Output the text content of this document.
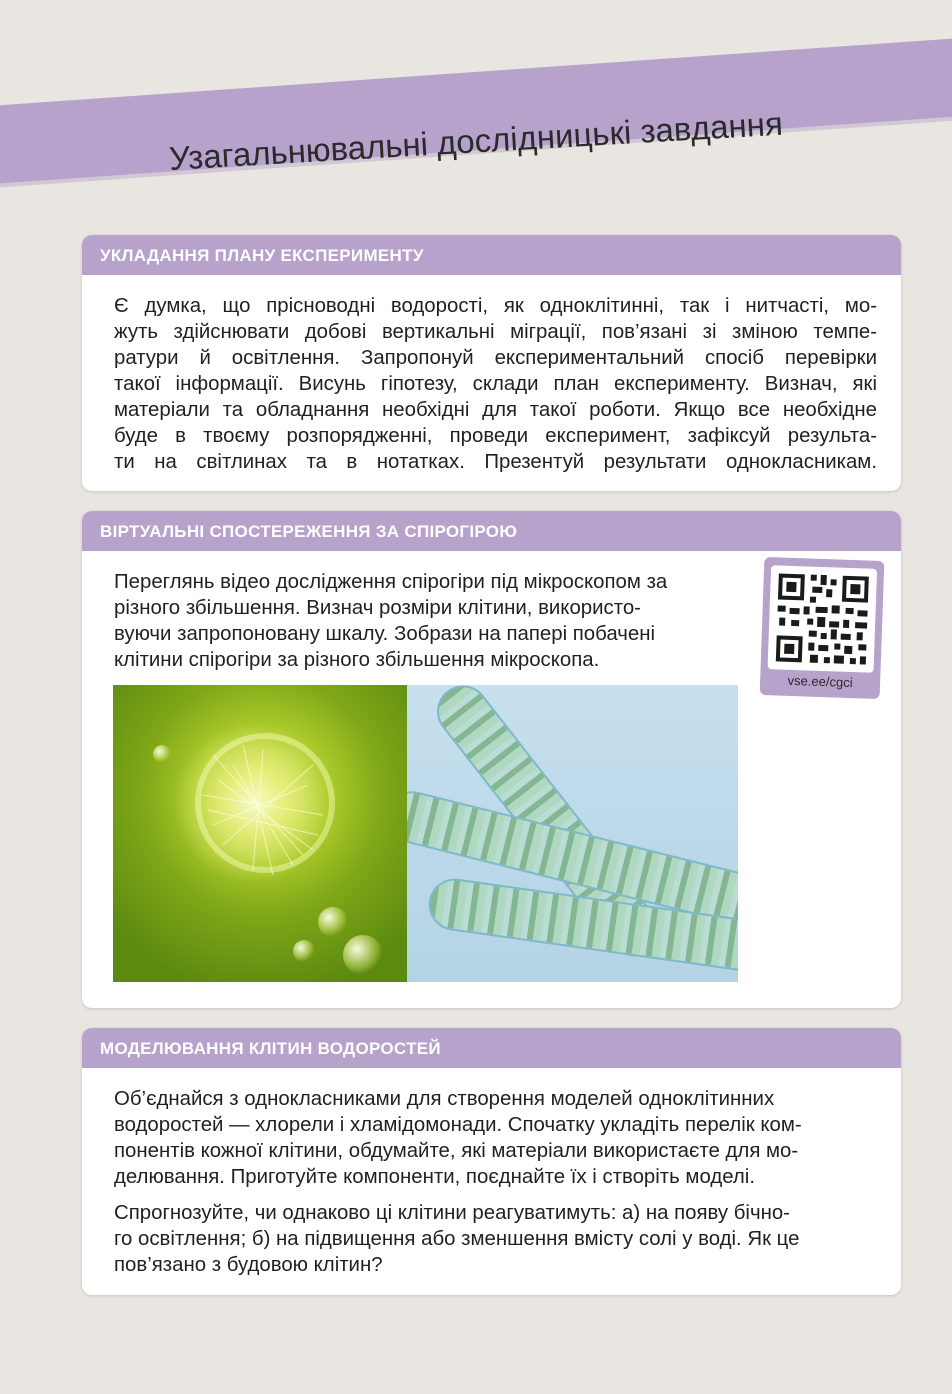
Узагальнювальні дослідницькі завдання
УКЛАДАННЯ ПЛАНУ ЕКСПЕРИМЕНТУ

Є думка, що прісноводні водорості, як одноклітинні, так і нитчасті, мо-
жуть здійснювати добові вертикальні міграції, пов’язані зі зміною темпе-
ратури й освітлення. Запропонуй експериментальний спосіб перевірки
такої інформації. Висунь гіпотезу, склади план експерименту. Визнач, які
матеріали та обладнання необхідні для такої роботи. Якщо все необхідне
буде в твоєму розпорядженні, проведи експеримент, зафіксуй результа-
ти на світлинах та в нотатках. Презентуй результати однокласникам.

ВІРТУАЛЬНІ СПОСТЕРЕЖЕННЯ ЗА СПІРОГІРОЮ
Переглянь відео дослідження спірогіри під мікроскопом за
різного збільшення. Визнач розміри клітини, використо-
вуючи запропоновану шкалу. Зобрази на папері побачені
клітини спірогіри за різного збільшення мікроскопа.
vse.ee/cgci
МОДЕЛЮВАННЯ КЛІТИН ВОДОРОСТЕЙ

Об’єднайся з однокласниками для створення моделей одноклітинних
водоростей — хлорели і хламідомонади. Спочатку укладіть перелік ком-
понентів кожної клітини, обдумайте, які матеріали використаєте для мо-
делювання. Приготуйте компоненти, поєднайте їх і створіть моделі.

Спрогнозуйте, чи однаково ці клітини реагуватимуть: а) на появу бічно-
го освітлення; б) на підвищення або зменшення вмісту солі у воді. Як це
пов’язано з будовою клітин?
